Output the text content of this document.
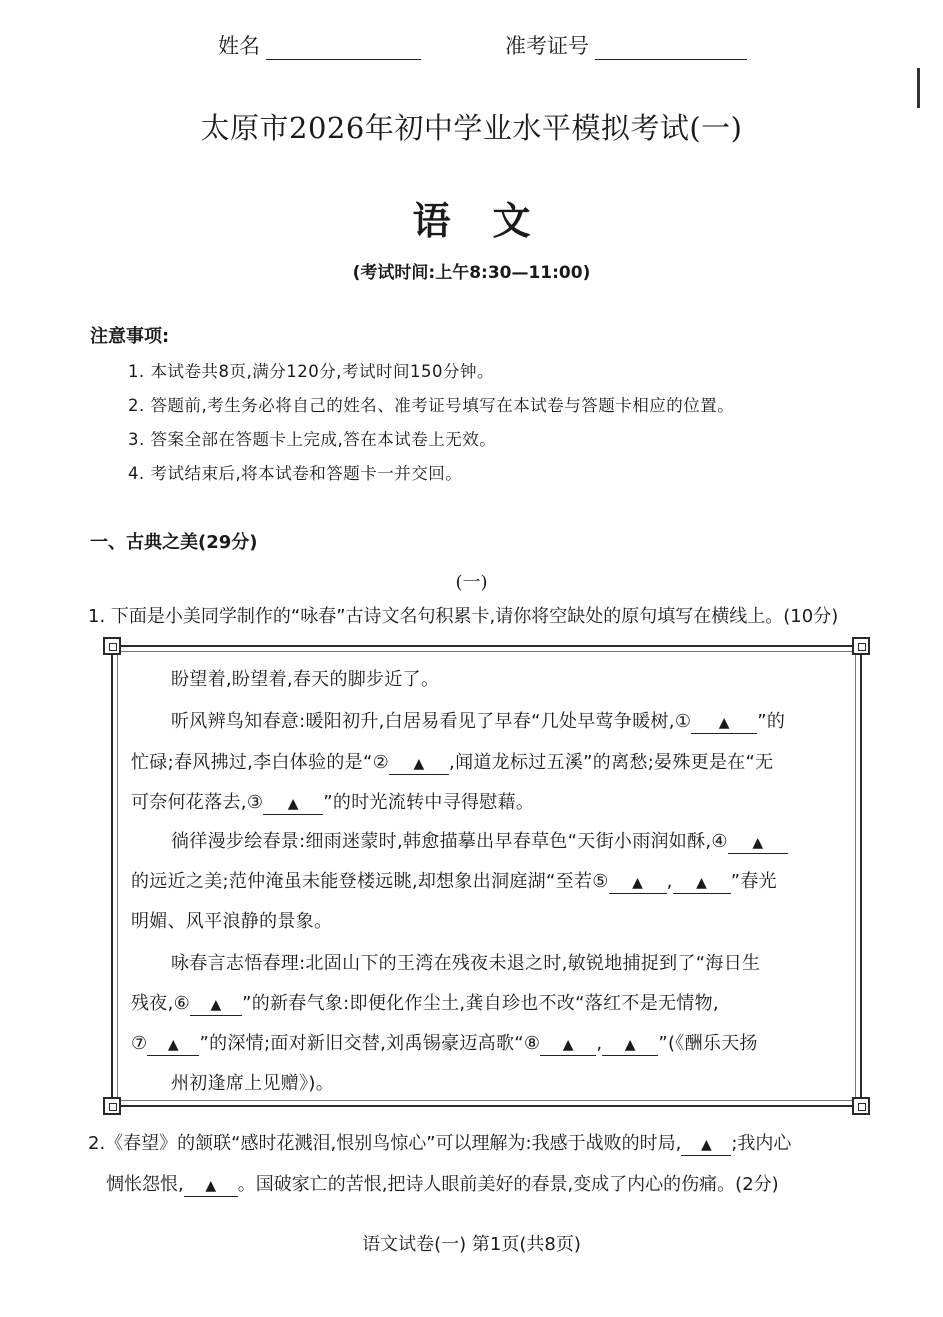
姓名	准考证号
太原市2026年初中学业水平模拟考试(一)
语文
(考试时间:上午8:30—11:00)
注意事项:
1. 本试卷共8页,满分120分,考试时间150分钟。
2. 答题前,考生务必将自己的姓名、准考证号填写在本试卷与答题卡相应的位置。
3. 答案全部在答题卡上完成,答在本试卷上无效。
4. 考试结束后,将本试卷和答题卡一并交回。
一、古典之美(29分)
(一)
1. 下面是小美同学制作的“咏春”古诗文名句积累卡,请你将空缺处的原句填写在横线上。(10分)
盼望着,盼望着,春天的脚步近了。
听风辨鸟知春意:暖阳初升,白居易看见了早春“几处早莺争暖树,① ▲ ”的
忙碌;春风拂过,李白体验的是“② ▲ ,闻道龙标过五溪”的离愁;晏殊更是在“无
可奈何花落去,③ ▲ ”的时光流转中寻得慰藉。
徜徉漫步绘春景:细雨迷蒙时,韩愈描摹出早春草色“天街小雨润如酥,④ ▲
的远近之美;范仲淹虽未能登楼远眺,却想象出洞庭湖“至若⑤ ▲ , ▲ ”春光
明媚、风平浪静的景象。
咏春言志悟春理:北固山下的王湾在残夜未退之时,敏锐地捕捉到了“海日生
残夜,⑥ ▲ ”的新春气象:即便化作尘土,龚自珍也不改“落红不是无情物,
⑦ ▲ ”的深情;面对新旧交替,刘禹锡豪迈高歌“⑧ ▲ , ▲ ”(《酬乐天扬
州初逢席上见赠》)。
2.《春望》的颔联“感时花溅泪,恨别鸟惊心”可以理解为:我感于战败的时局, ▲ ;我内心
惆怅怨恨, ▲ 。国破家亡的苦恨,把诗人眼前美好的春景,变成了内心的伤痛。(2分)
语文试卷(一) 第1页(共8页)
